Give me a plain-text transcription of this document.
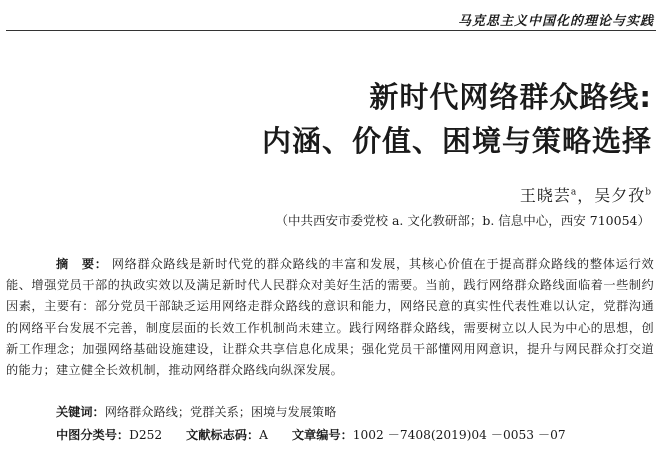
马克思主义中国化的理论与实践
新时代网络群众路线:
内涵、价值、困境与策略选择
王晓芸$^a$，吴夕孜$^b$
（中共西安市委党校 a. 文化教研部；b. 信息中心，西安 710054）
摘　要： 网络群众路线是新时代党的群众路线的丰富和发展，其核心价值在于提高群众路线的整体运行效能、增强党员干部的执政实效以及满足新时代人民群众对美好生活的需要。当前，践行网络群众路线面临着一些制约因素，主要有：部分党员干部缺乏运用网络走群众路线的意识和能力，网络民意的真实性代表性难以认定，党群沟通的网络平台发展不完善，制度层面的长效工作机制尚未建立。践行网络群众路线，需要树立以人民为中心的思想，创新工作理念；加强网络基础设施建设，让群众共享信息化成果；强化党员干部懂网用网意识，提升与网民群众打交道的能力；建立健全长效机制，推动网络群众路线向纵深发展。
关键词：网络群众路线；党群关系；困境与发展策略
中图分类号：D252 文献标志码：A 文章编号：1002 －7408(2019)04 －0053 －07
